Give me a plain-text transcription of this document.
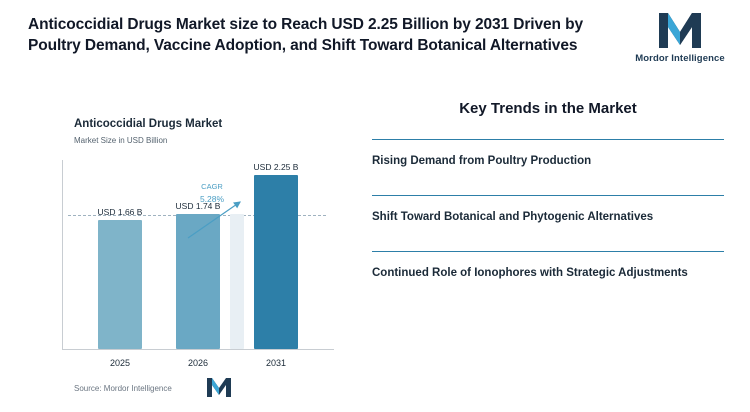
Anticoccidial Drugs Market size to Reach USD 2.25 Billion by 2031 Driven by Poultry Demand, Vaccine Adoption, and Shift Toward Botanical Alternatives
Mordor Intelligence
Anticoccidial Drugs Market
Market Size in USD Billion
USD 1.66 B
USD 1.74 B
USD 2.25 B
CAGR
5.28%
2025	2026	2031
Source: Mordor Intelligence
Key Trends in the Market
Rising Demand from Poultry Production
Shift Toward Botanical and Phytogenic Alternatives
Continued Role of Ionophores with Strategic Adjustments
